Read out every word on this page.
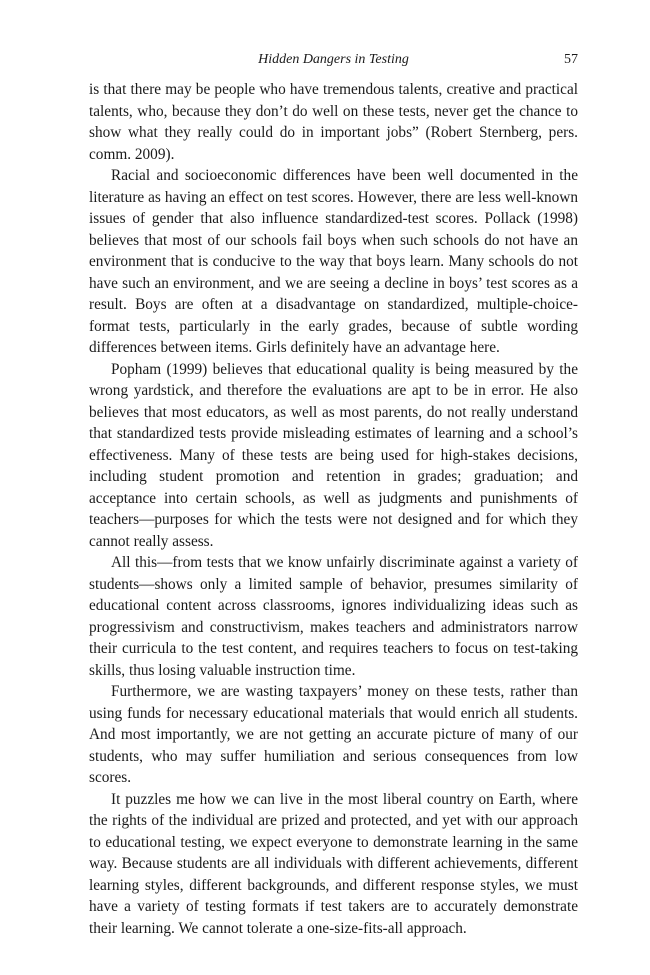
Hidden Dangers in Testing	57

is that there may be people who have tremendous talents, creative and practical talents, who, because they don’t do well on these tests, never get the chance to show what they really could do in important jobs” (Robert Sternberg, pers. comm. 2009).

Racial and socioeconomic differences have been well documented in the literature as having an effect on test scores. However, there are less well-known issues of gender that also influence standardized-test scores. Pollack (1998) believes that most of our schools fail boys when such schools do not have an environment that is conducive to the way that boys learn. Many schools do not have such an environment, and we are seeing a decline in boys’ test scores as a result. Boys are often at a disadvantage on standardized, multiple-choice-format tests, particularly in the early grades, because of subtle wording differences between items. Girls definitely have an advantage here.

Popham (1999) believes that educational quality is being measured by the wrong yardstick, and therefore the evaluations are apt to be in error. He also believes that most educators, as well as most parents, do not really understand that standardized tests provide misleading estimates of learning and a school’s effectiveness. Many of these tests are being used for high-stakes decisions, including student promotion and retention in grades; graduation; and acceptance into certain schools, as well as judgments and punishments of teachers—purposes for which the tests were not designed and for which they cannot really assess.

All this—from tests that we know unfairly discriminate against a variety of students—shows only a limited sample of behavior, presumes similarity of educational content across classrooms, ignores individualizing ideas such as progressivism and constructivism, makes teachers and administrators narrow their curricula to the test content, and requires teachers to focus on test-taking skills, thus losing valuable instruction time.

Furthermore, we are wasting taxpayers’ money on these tests, rather than using funds for necessary educational materials that would enrich all students. And most importantly, we are not getting an accurate picture of many of our students, who may suffer humiliation and serious consequences from low scores.

It puzzles me how we can live in the most liberal country on Earth, where the rights of the individual are prized and protected, and yet with our approach to educational testing, we expect everyone to demonstrate learning in the same way. Because students are all individuals with different achievements, different learning styles, different backgrounds, and different response styles, we must have a variety of testing formats if test takers are to accurately demonstrate their learning. We cannot tolerate a one-size-fits-all approach.
